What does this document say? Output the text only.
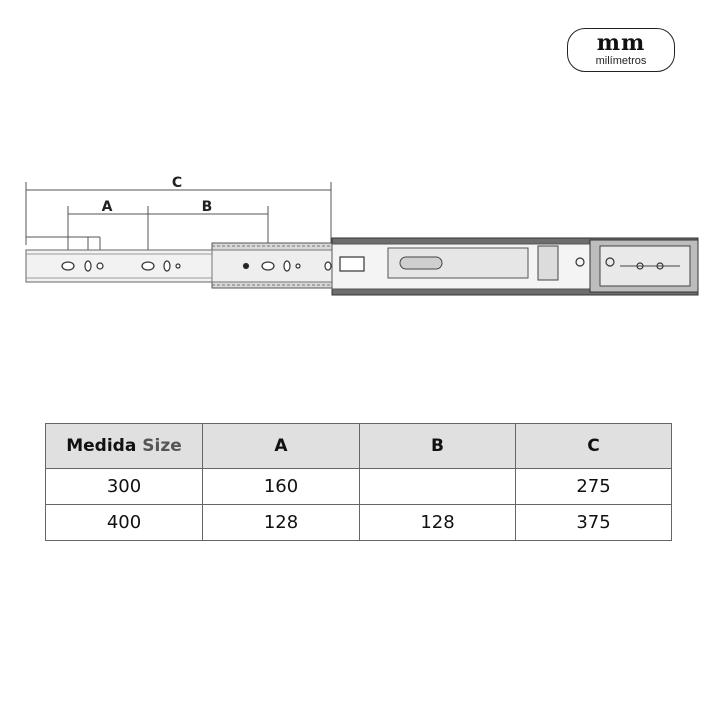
mm
milímetros
C
A	B
Medida Size	A	B	C
300	160		275
400	128	128	375
